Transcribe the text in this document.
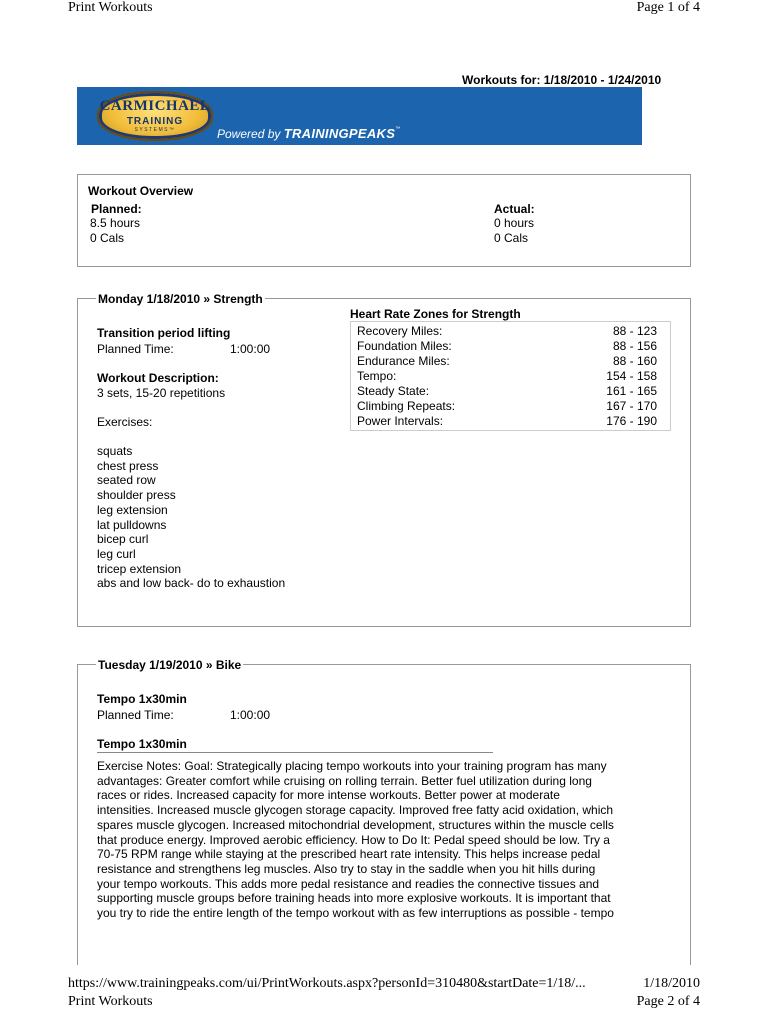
Print Workouts	Page 1 of 4
Workouts for: 1/18/2010 - 1/24/2010
CARMICHAEL
TRAINING
SYSTEMS™	Powered by TRAININGPEAKS™
Workout Overview
Planned:
8.5 hours
0 Cals
Actual:
0 hours
0 Cals
Monday 1/18/2010 » Strength
Transition period lifting
Planned Time:	1:00:00
Workout Description:
3 sets, 15-20 repetitions
Exercises:
squats
chest press
seated row
shoulder press
leg extension
lat pulldowns
bicep curl
leg curl
tricep extension
abs and low back- do to exhaustion
Heart Rate Zones for Strength
Recovery Miles:	88 - 123
Foundation Miles:	88 - 156
Endurance Miles:	88 - 160
Tempo:	154 - 158
Steady State:	161 - 165
Climbing Repeats:	167 - 170
Power Intervals:	176 - 190
Tuesday 1/19/2010 » Bike
Tempo 1x30min
Planned Time:	1:00:00
Tempo 1x30min
Exercise Notes: Goal: Strategically placing tempo workouts into your training program has many
advantages: Greater comfort while cruising on rolling terrain. Better fuel utilization during long
races or rides. Increased capacity for more intense workouts. Better power at moderate
intensities. Increased muscle glycogen storage capacity. Improved free fatty acid oxidation, which
spares muscle glycogen. Increased mitochondrial development, structures within the muscle cells
that produce energy. Improved aerobic efficiency. How to Do It: Pedal speed should be low. Try a
70-75 RPM range while staying at the prescribed heart rate intensity. This helps increase pedal
resistance and strengthens leg muscles. Also try to stay in the saddle when you hit hills during
your tempo workouts. This adds more pedal resistance and readies the connective tissues and
supporting muscle groups before training heads into more explosive workouts. It is important that
you try to ride the entire length of the tempo workout with as few interruptions as possible - tempo
https://www.trainingpeaks.com/ui/PrintWorkouts.aspx?personId=310480&startDate=1/18/...	1/18/2010
Print Workouts	Page 2 of 4
